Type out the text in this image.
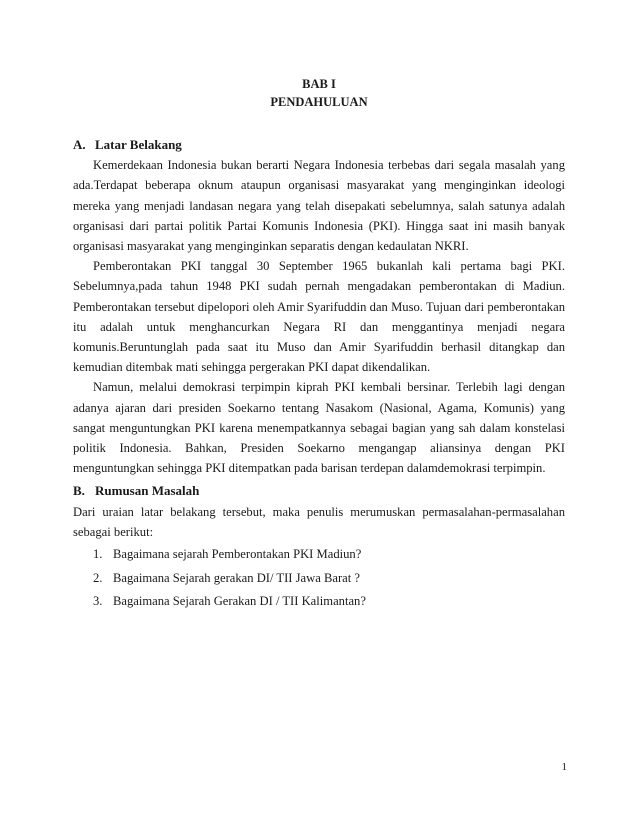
BAB I
PENDAHULUAN
A. Latar Belakang

Kemerdekaan Indonesia bukan berarti Negara Indonesia terbebas dari segala masalah yang ada.Terdapat beberapa oknum ataupun organisasi masyarakat yang menginginkan ideologi mereka yang menjadi landasan negara yang telah disepakati sebelumnya, salah satunya adalah organisasi dari partai politik Partai Komunis Indonesia (PKI). Hingga saat ini masih banyak organisasi masyarakat yang menginginkan separatis dengan kedaulatan NKRI.

Pemberontakan PKI tanggal 30 September 1965 bukanlah kali pertama bagi PKI. Sebelumnya,pada tahun 1948 PKI sudah pernah mengadakan pemberontakan di Madiun. Pemberontakan tersebut dipelopori oleh Amir Syarifuddin dan Muso. Tujuan dari pemberontakan itu adalah untuk menghancurkan Negara RI dan menggantinya menjadi negara komunis.Beruntunglah pada saat itu Muso dan Amir Syarifuddin berhasil ditangkap dan kemudian ditembak mati sehingga pergerakan PKI dapat dikendalikan.

Namun, melalui demokrasi terpimpin kiprah PKI kembali bersinar. Terlebih lagi dengan adanya ajaran dari presiden Soekarno tentang Nasakom (Nasional, Agama, Komunis) yang sangat menguntungkan PKI karena menempatkannya sebagai bagian yang sah dalam konstelasi politik Indonesia. Bahkan, Presiden Soekarno mengangap aliansinya dengan PKI menguntungkan sehingga PKI ditempatkan pada barisan terdepan dalamdemokrasi terpimpin.

B. Rumusan Masalah

Dari uraian latar belakang tersebut, maka penulis merumuskan permasalahan-permasalahan sebagai berikut:

1. Bagaimana sejarah Pemberontakan PKI Madiun?
2. Bagaimana Sejarah gerakan DI/ TII Jawa Barat ?
3. Bagaimana Sejarah Gerakan DI / TII Kalimantan?
1
